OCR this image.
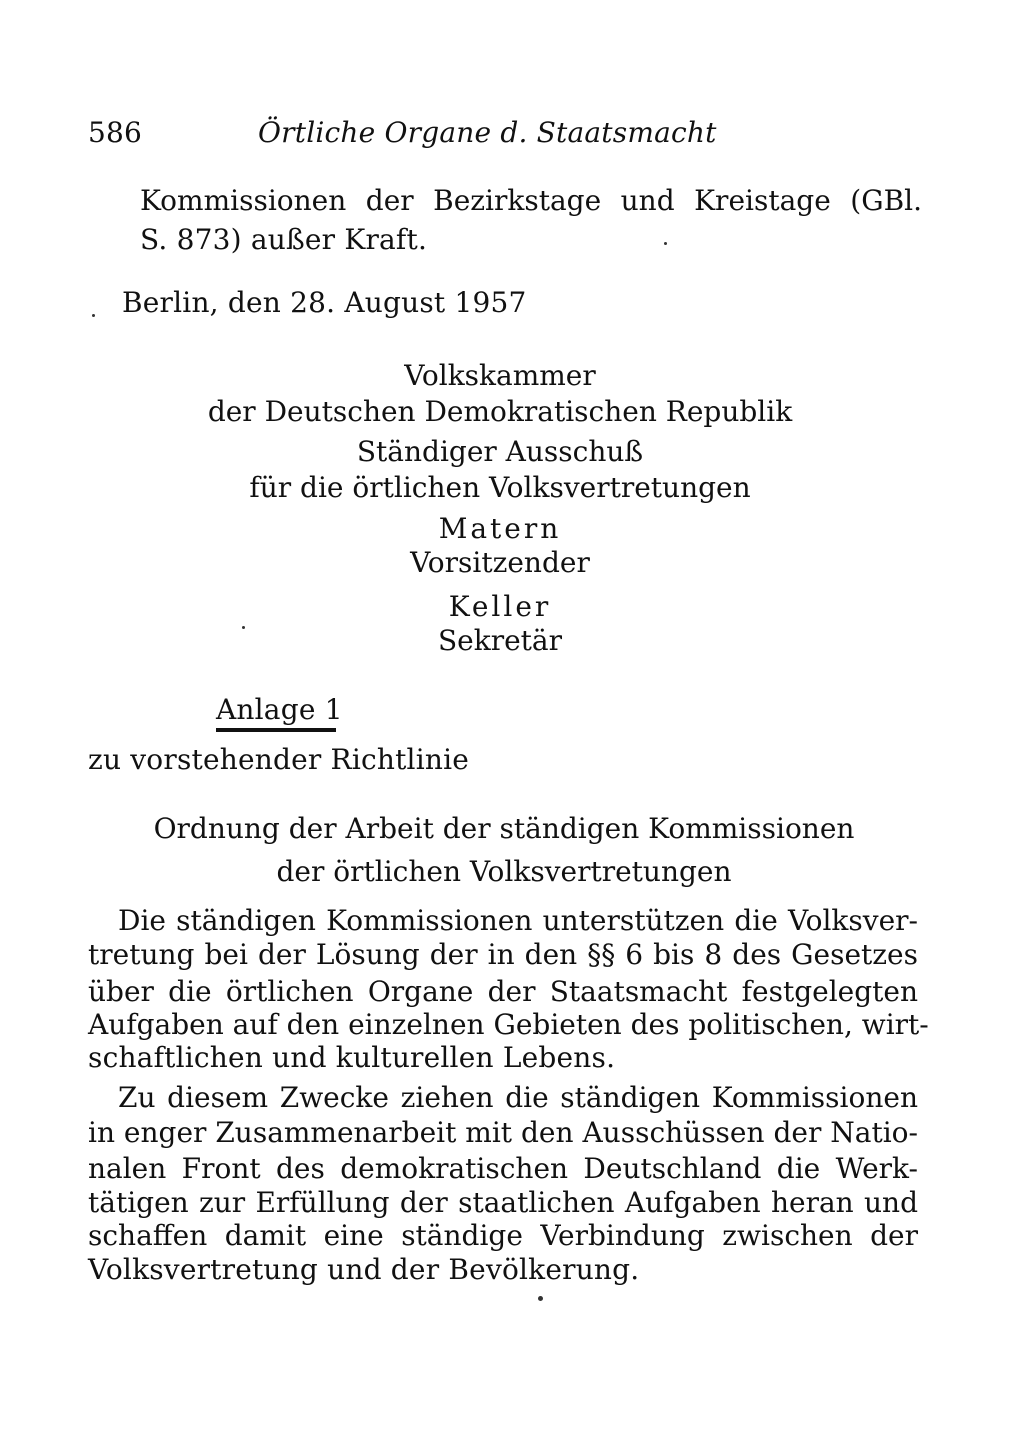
586	Örtliche Organe d. Staatsmacht
Kommissionen der Bezirkstage und Kreistage (GBl.
S. 873) außer Kraft.
Berlin, den 28. August 1957
Volkskammer
der Deutschen Demokratischen Republik
Ständiger Ausschuß
für die örtlichen Volksvertretungen
Matern
Vorsitzender
Keller
Sekretär
Anlage 1
zu vorstehender Richtlinie
Ordnung der Arbeit der ständigen Kommissionen
der örtlichen Volksvertretungen
Die ständigen Kommissionen unterstützen die Volksver-
tretung bei der Lösung der in den §§ 6 bis 8 des Gesetzes
über die örtlichen Organe der Staatsmacht festgelegten
Aufgaben auf den einzelnen Gebieten des politischen, wirt-
schaftlichen und kulturellen Lebens.
Zu diesem Zwecke ziehen die ständigen Kommissionen
in enger Zusammenarbeit mit den Ausschüssen der Natio-
nalen Front des demokratischen Deutschland die Werk-
tätigen zur Erfüllung der staatlichen Aufgaben heran und
schaffen damit eine ständige Verbindung zwischen der
Volksvertretung und der Bevölkerung.
